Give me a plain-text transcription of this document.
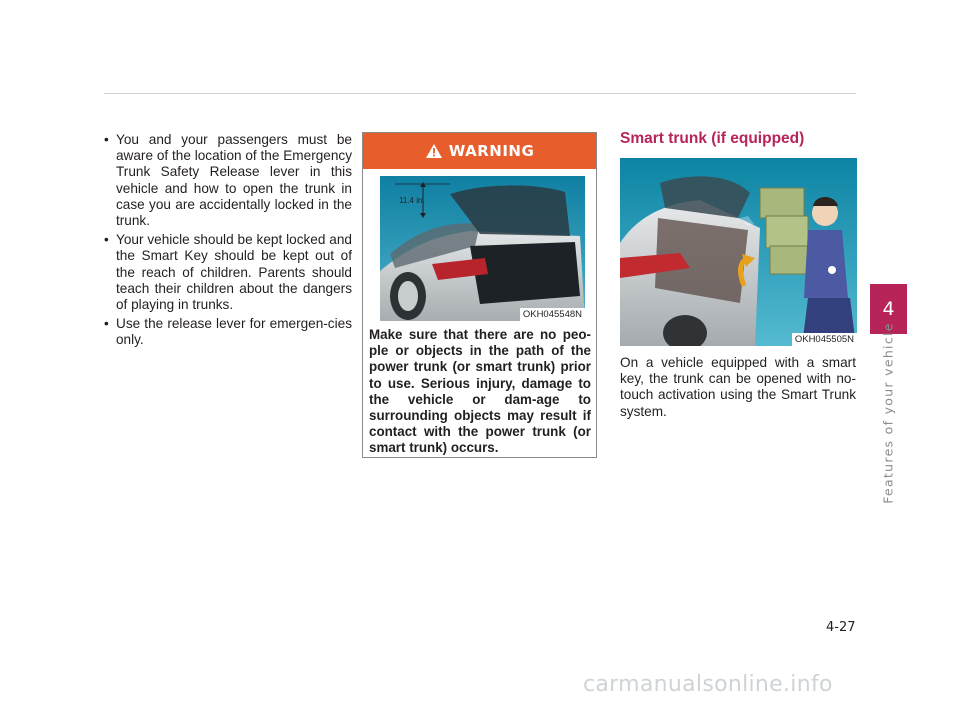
• You and your passengers must be aware of the location of the Emergency Trunk Safety Release lever in this vehicle and how to open the trunk in case you are accidentally locked in the trunk.
• Your vehicle should be kept locked and the Smart Key should be kept out of the reach of children. Parents should teach their children about the dangers of playing in trunks.
• Use the release lever for emergen-cies only.
WARNING
11.4 in.
OKH045548N

Make sure that there are no peo-ple or objects in the path of the power trunk (or smart trunk) prior to use. Serious injury, damage to the vehicle or dam-age to surrounding objects may result if contact with the power trunk (or smart trunk) occurs.

Smart trunk (if equipped)
OKH045505N

On a vehicle equipped with a smart key, the trunk can be opened with no-touch activation using the Smart Trunk system.

4
Features of your vehicle
4-27
carmanualsonline.info
